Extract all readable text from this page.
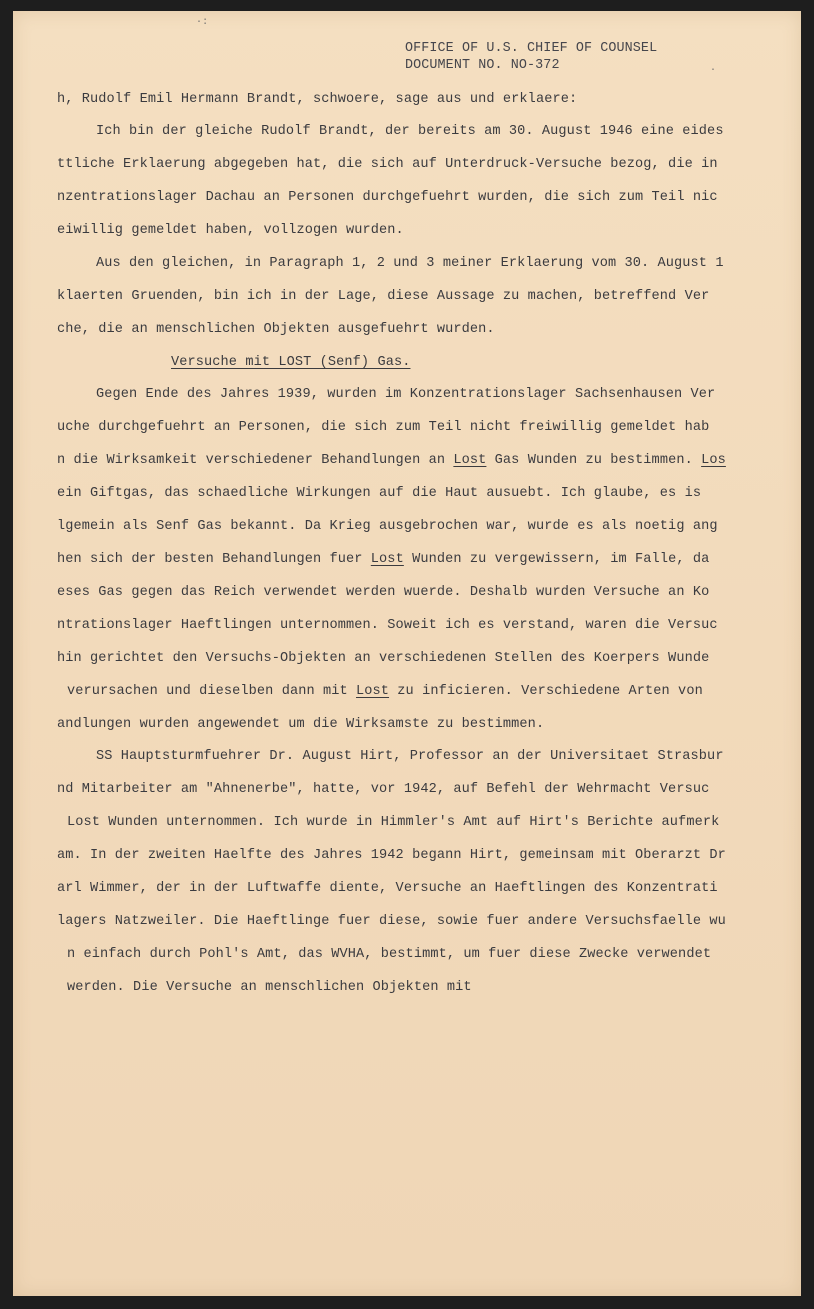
·:
·
OFFICE OF U.S. CHIEF OF COUNSEL
DOCUMENT NO. NO-372
h, Rudolf Emil Hermann Brandt, schwoere, sage aus und erklaere:
Ich bin der gleiche Rudolf Brandt, der bereits am 30. August 1946 eine eides
ttliche Erklaerung abgegeben hat, die sich auf Unterdruck-Versuche bezog, die in
nzentrationslager Dachau an Personen durchgefuehrt wurden, die sich zum Teil nic
eiwillig gemeldet haben, vollzogen wurden.
Aus den gleichen, in Paragraph 1, 2 und 3 meiner Erklaerung vom 30. August 1
klaerten Gruenden, bin ich in der Lage, diese Aussage zu machen, betreffend Ver
che, die an menschlichen Objekten ausgefuehrt wurden.
Versuche mit LOST (Senf) Gas.
Gegen Ende des Jahres 1939, wurden im Konzentrationslager Sachsenhausen Ver
uche durchgefuehrt an Personen, die sich zum Teil nicht freiwillig gemeldet hab
n die Wirksamkeit verschiedener Behandlungen an Lost Gas Wunden zu bestimmen. Los
ein Giftgas, das schaedliche Wirkungen auf die Haut ausuebt. Ich glaube, es is
lgemein als Senf Gas bekannt. Da Krieg ausgebrochen war, wurde es als noetig ang
hen sich der besten Behandlungen fuer Lost Wunden zu vergewissern, im Falle, da
eses Gas gegen das Reich verwendet werden wuerde. Deshalb wurden Versuche an Ko
ntrationslager Haeftlingen unternommen. Soweit ich es verstand, waren die Versuc
hin gerichtet den Versuchs-Objekten an verschiedenen Stellen des Koerpers Wunde
verursachen und dieselben dann mit Lost zu inficieren. Verschiedene Arten von
andlungen wurden angewendet um die Wirksamste zu bestimmen.
SS Hauptsturmfuehrer Dr. August Hirt, Professor an der Universitaet Strasbur
nd Mitarbeiter am "Ahnenerbe", hatte, vor 1942, auf Befehl der Wehrmacht Versuc
Lost Wunden unternommen. Ich wurde in Himmler's Amt auf Hirt's Berichte aufmerk
am. In der zweiten Haelfte des Jahres 1942 begann Hirt, gemeinsam mit Oberarzt Dr
arl Wimmer, der in der Luftwaffe diente, Versuche an Haeftlingen des Konzentrati
lagers Natzweiler. Die Haeftlinge fuer diese, sowie fuer andere Versuchsfaelle wu
n einfach durch Pohl's Amt, das WVHA, bestimmt, um fuer diese Zwecke verwendet
werden. Die Versuche an menschlichen Objekten mit
